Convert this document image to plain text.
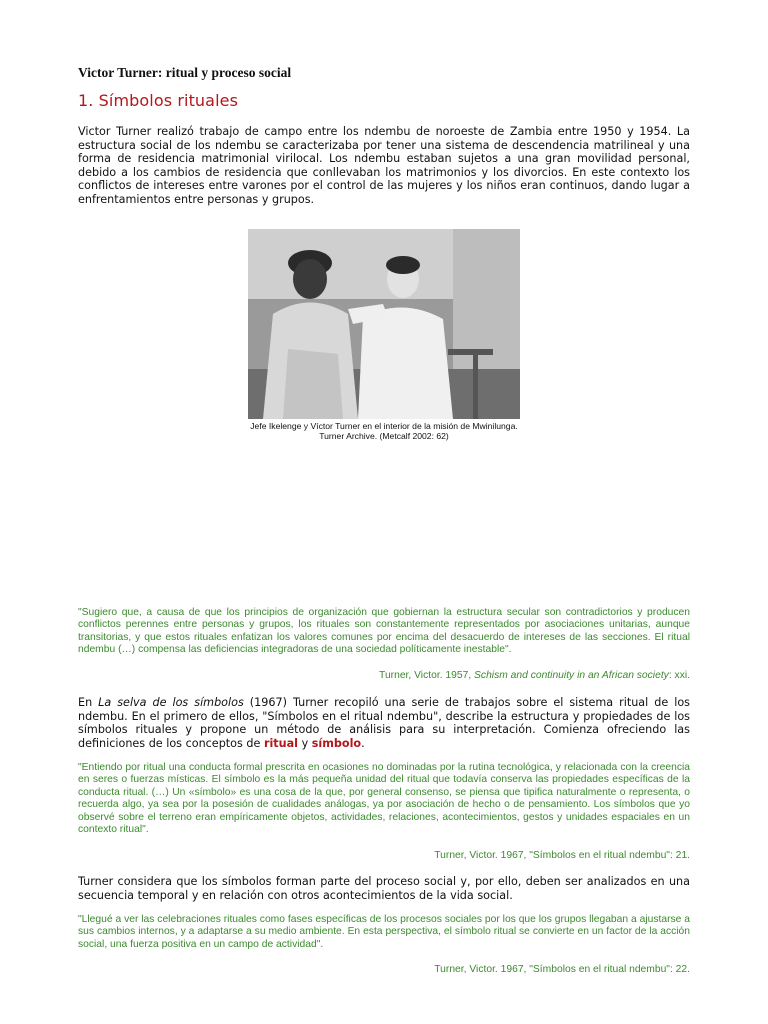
Victor Turner: ritual y proceso social
1. Símbolos rituales

Victor Turner realizó trabajo de campo entre los ndembu de noroeste de Zambia entre 1950 y 1954. La estructura social de los ndembu se caracterizaba por tener una sistema de descendencia matrilineal y una forma de residencia matrimonial virilocal. Los ndembu estaban sujetos a una gran movilidad personal, debido a los cambios de residencia que conllevaban los matrimonios y los divorcios. En este contexto los conflictos de intereses entre varones por el control de las mujeres y los niños eran continuos, dando lugar a enfrentamientos entre personas y grupos.

Jefe Ikelenge y Víctor Turner en el interior de la misión de Mwinilunga.
Turner Archive. (Metcalf 2002: 62)

"Sugiero que, a causa de que los principios de organización que gobiernan la estructura secular son contradictorios y producen conflictos perennes entre personas y grupos, los rituales son constantemente representados por asociaciones unitarias, aunque transitorias, y que estos rituales enfatizan los valores comunes por encima del desacuerdo de intereses de las secciones. El ritual ndembu (…) compensa las deficiencias integradoras de una sociedad políticamente inestable".

Turner, Victor. 1957, Schism and continuity in an African society: xxi.

En La selva de los símbolos (1967) Turner recopiló una serie de trabajos sobre el sistema ritual de los ndembu. En el primero de ellos, "Símbolos en el ritual ndembu", describe la estructura y propiedades de los símbolos rituales y propone un método de análisis para su interpretación. Comienza ofreciendo las definiciones de los conceptos de ritual y símbolo.

"Entiendo por ritual una conducta formal prescrita en ocasiones no dominadas por la rutina tecnológica, y relacionada con la creencia en seres o fuerzas místicas. El símbolo es la más pequeña unidad del ritual que todavía conserva las propiedades específicas de la conducta ritual. (…) Un «símbolo» es una cosa de la que, por general consenso, se piensa que tipifica naturalmente o representa, o recuerda algo, ya sea por la posesión de cualidades análogas, ya por asociación de hecho o de pensamiento. Los símbolos que yo observé sobre el terreno eran empíricamente objetos, actividades, relaciones, acontecimientos, gestos y unidades espaciales en un contexto ritual".

Turner, Victor. 1967, "Símbolos en el ritual ndembu": 21.

Turner considera que los símbolos forman parte del proceso social y, por ello, deben ser analizados en una secuencia temporal y en relación con otros acontecimientos de la vida social.

"Llegué a ver las celebraciones rituales como fases específicas de los procesos sociales por los que los grupos llegaban a ajustarse a sus cambios internos, y a adaptarse a su medio ambiente. En esta perspectiva, el símbolo ritual se convierte en un factor de la acción social, una fuerza positiva en un campo de actividad".

Turner, Victor. 1967, "Símbolos en el ritual ndembu": 22.
